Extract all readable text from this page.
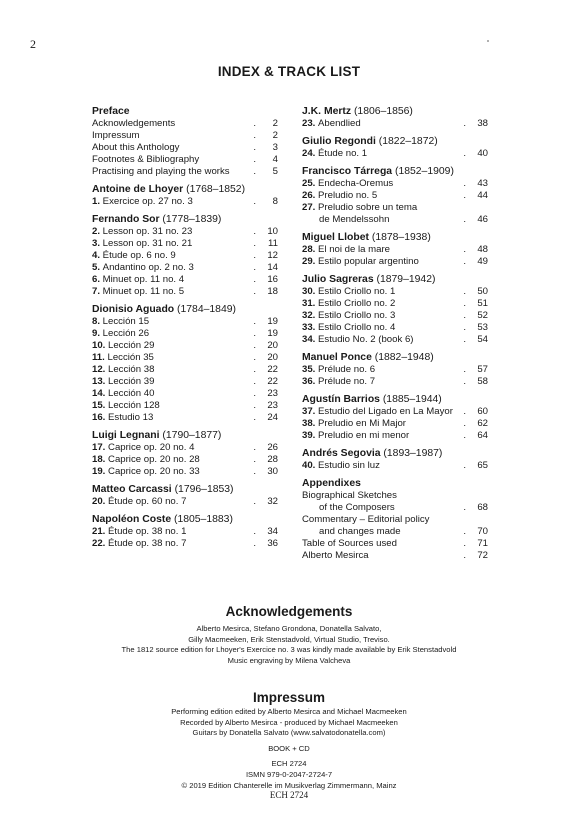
2
INDEX & TRACK LIST
Preface
Acknowledgements	2
.
Impressum	2
.
About this Anthology	3
.
Footnotes & Bibliography	4
.
Practising and playing the works	5
.
Antoine de Lhoyer (1768–1852)
1. Exercice op. 27 no. 3	8
.
Fernando Sor (1778–1839)
2. Lesson op. 31 no. 23	10
.
3. Lesson op. 31 no. 21	11
.
4. Étude op. 6 no. 9	12
.
5. Andantino op. 2 no. 3	14
.
6. Minuet op. 11 no. 4	16
.
7. Minuet op. 11 no. 5	18
.
Dionisio Aguado (1784–1849)
8. Lección 15	19
.
9. Lección 26	19
.
10. Lección 29	20
.
11. Lección 35	20
.
12. Lección 38	22
.
13. Lección 39	22
.
14. Lección 40	23
.
15. Lección 128	23
.
16. Estudio 13	24
.
Luigi Legnani (1790–1877)
17. Caprice op. 20 no. 4	26
.
18. Caprice op. 20 no. 28	28
.
19. Caprice op. 20 no. 33	30
.
Matteo Carcassi (1796–1853)
20. Étude op. 60 no. 7	32
.
Napoléon Coste (1805–1883)
21. Étude op. 38 no. 1	34
.
22. Étude op. 38 no. 7	36
.
J.K. Mertz (1806–1856)
23. Abendlied	38
.
Giulio Regondi (1822–1872)
24. Étude no. 1	40
.
Francisco Tárrega (1852–1909)
25. Endecha-Oremus	43
.
26. Preludio no. 5	44
.
27. Preludio sobre un tema
de Mendelssohn	46
.
Miguel Llobet (1878–1938)
28. El noi de la mare	48
.
29. Estilo popular argentino	49
.
Julio Sagreras (1879–1942)
30. Estilo Criollo no. 1	50
.
31. Estilo Criollo no. 2	51
.
32. Estilo Criollo no. 3	52
.
33. Estilo Criollo no. 4	53
.
34. Estudio No. 2 (book 6)	54
.
Manuel Ponce (1882–1948)
35. Prélude no. 6	57
.
36. Prélude no. 7	58
.
Agustín Barrios (1885–1944)
37. Estudio del Ligado en La Mayor	60
.
38. Preludio en Mi Major	62
.
39. Preludio en mi menor	64
.
Andrés Segovia (1893–1987)
40. Estudio sin luz	65
.
Appendixes
Biographical Sketches
of the Composers	68
.
Commentary – Editorial policy
and changes made	70
.
Table of Sources used	71
.
Alberto Mesirca	72
.
Acknowledgements
Alberto Mesirca, Stefano Grondona, Donatella Salvato,
Gilly Macmeeken, Erik Stenstadvold, Virtual Studio, Treviso.
The 1812 source edition for Lhoyer's Exercice no. 3 was kindly made available by Erik Stenstadvold
Music engraving by Milena Valcheva
Impressum
Performing edition edited by Alberto Mesirca and Michael Macmeeken
Recorded by Alberto Mesirca - produced by Michael Macmeeken
Guitars by Donatella Salvato (www.salvatodonatella.com)
BOOK + CD
ECH 2724
ISMN 979-0-2047-2724-7
© 2019 Edition Chanterelle im Musikverlag Zimmermann, Mainz
ECH 2724
